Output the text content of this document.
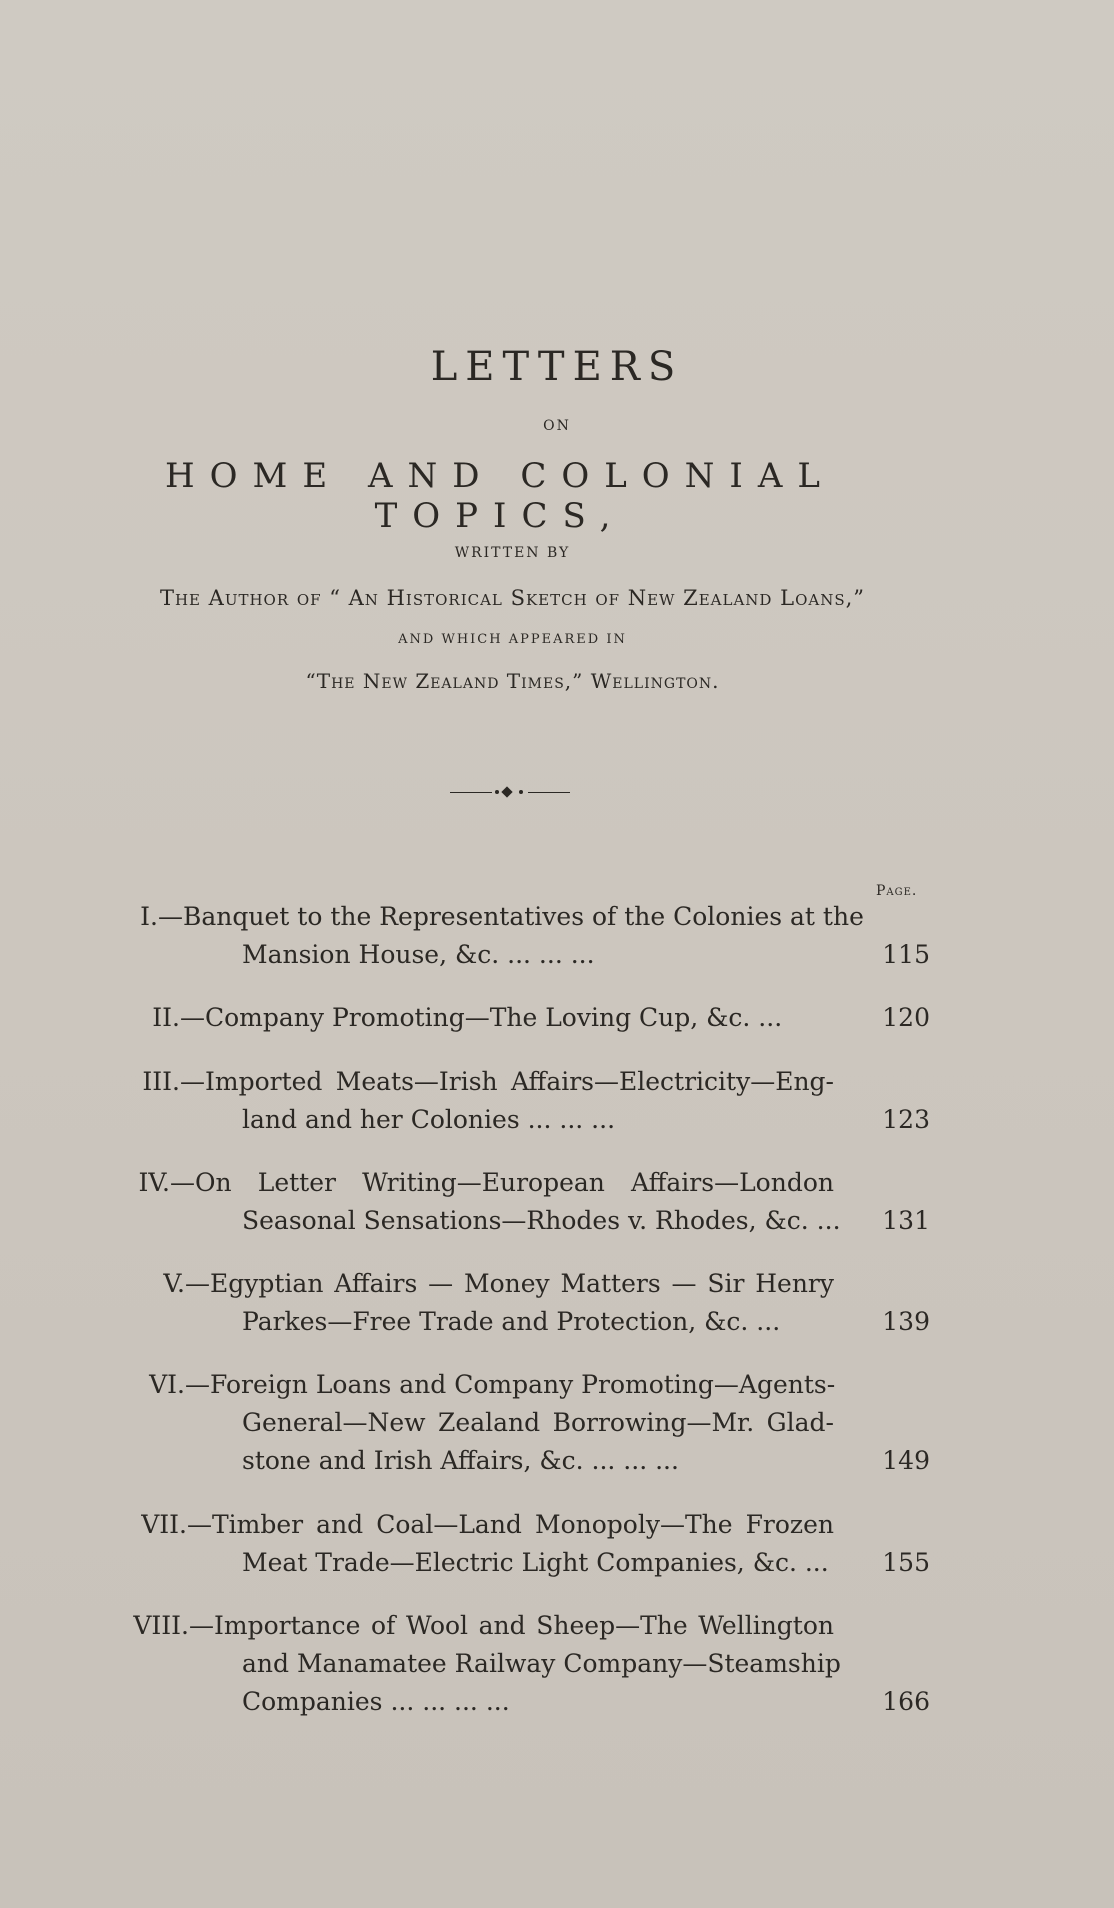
LETTERS
ON
HOME AND COLONIAL TOPICS,
WRITTEN BY
The Author of “ An Historical Sketch of New Zealand Loans,”
AND WHICH APPEARED IN
“The New Zealand Times,” Wellington.
Page.
I.— Banquet to the Representatives of the Colonies at the
Mansion House, &c. ... ... ...	115
II.— Company Promoting—The Loving Cup, &c. ...	120
III.— Imported Meats—Irish Affairs—Electricity—Eng-
land and her Colonies ... ... ...	123
IV.— On Letter Writing—European Affairs—London
Seasonal Sensations—Rhodes v. Rhodes, &c. ... 131
V.— Egyptian Affairs — Money Matters — Sir Henry
Parkes—Free Trade and Protection, &c. ...	139
VI.— Foreign Loans and Company Promoting—Agents-
General—New Zealand Borrowing—Mr. Glad-
stone and Irish Affairs, &c. ... ... ...	149
VII.— Timber and Coal—Land Monopoly—The Frozen
Meat Trade—Electric Light Companies, &c. ... 155
VIII.— Importance of Wool and Sheep—The Wellington
and Manamatee Railway Company—Steamship
Companies ... ... ... ...	166
